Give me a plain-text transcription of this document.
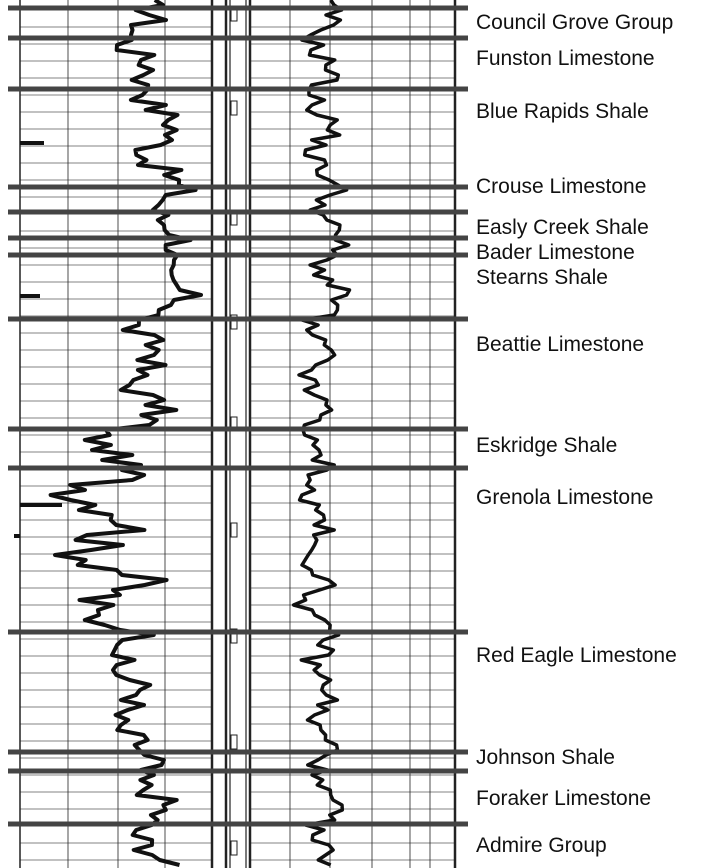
Council Grove Group
Funston Limestone
Blue Rapids Shale
Crouse Limestone
Easly Creek Shale
Bader Limestone
Stearns Shale
Beattie Limestone
Eskridge Shale
Grenola Limestone
Red Eagle Limestone
Johnson Shale
Foraker Limestone
Admire Group
